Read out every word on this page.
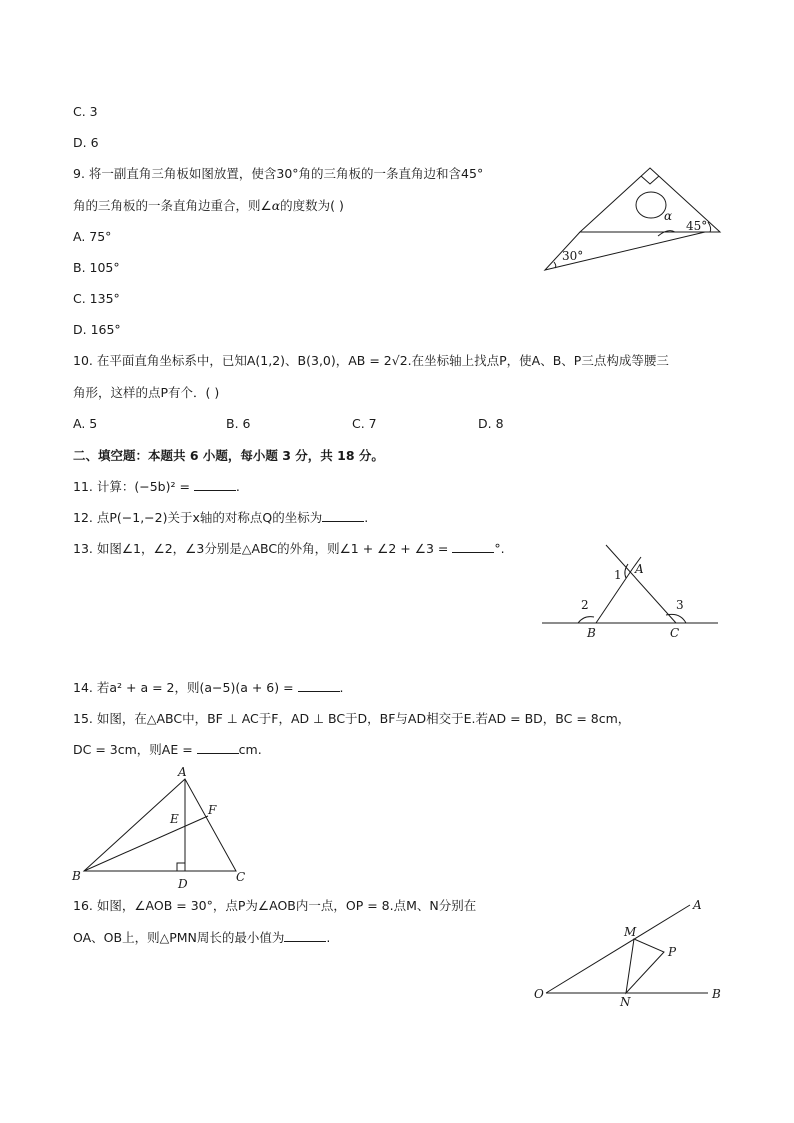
C. 3
D. 6
9. 将一副直角三角板如图放置，使含30°角的三角板的一条直角边和含45°
角的三角板的一条直角边重合，则∠α的度数为( )
A. 75°
B. 105°
C. 135°
D. 165°
30°
45°
α
10. 在平面直角坐标系中，已知A(1,2)、B(3,0)，AB = 2√2.在坐标轴上找点P，使A、B、P三点构成等腰三
角形，这样的点P有个．( )
A. 5	B. 6	C. 7	D. 8
二、填空题：本题共 6 小题，每小题 3 分，共 18 分。
11. 计算：(−5b)² =	.
12. 点P(−1,−2)关于x轴的对称点Q的坐标为	.
13. 如图∠1，∠2，∠3分别是△ABC的外角，则∠1 + ∠2 + ∠3 =	°.
A
B	C
1
2	3
14. 若a² + a = 2，则(a−5)(a + 6) =	.
15. 如图，在△ABC中，BF ⊥ AC于F，AD ⊥ BC于D，BF与AD相交于E.若AD = BD，BC = 8cm，
DC = 3cm，则AE =	cm.
A
B	C
D
E
F
16. 如图，∠AOB = 30°，点P为∠AOB内一点，OP = 8.点M、N分别在
OA、OB上，则△PMN周长的最小值为	.
O
A
B
M
N
P
